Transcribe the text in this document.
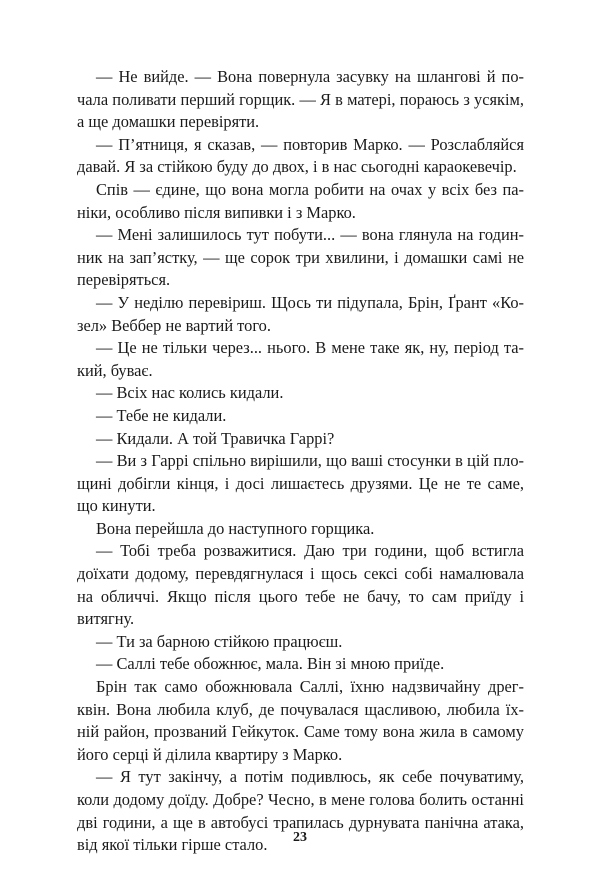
— Не вийде. — Вона повернула засувку на шлангові й почала поливати перший горщик. — Я в матері, пораюсь з усякім, а ще домашки перевіряти.

— П’ятниця, я сказав, — повторив Марко. — Розслабляйся давай. Я за стійкою буду до двох, і в нас сьогодні караокевечір.

Спів — єдине, що вона могла робити на очах у всіх без паніки, особливо після випивки і з Марко.

— Мені залишилось тут побути... — вона глянула на годинник на зап’ястку, — ще сорок три хвилини, і домашки самі не перевіряться.

— У неділю перевіриш. Щось ти підупала, Брін, Ґрант «Козел» Веббер не вартий того.

— Це не тільки через... нього. В мене таке як, ну, період такий, буває.

— Всіх нас колись кидали.

— Тебе не кидали.

— Кидали. А той Травичка Гаррі?

— Ви з Гаррі спільно вирішили, що ваші стосунки в цій площині добігли кінця, і досі лишаєтесь друзями. Це не те саме, що кинути.

Вона перейшла до наступного горщика.

— Тобі треба розважитися. Даю три години, щоб встигла доїхати додому, перевдягнулася і щось сексі собі намалювала на обличчі. Якщо після цього тебе не бачу, то сам приїду і витягну.

— Ти за барною стійкою працюєш.

— Саллі тебе обожнює, мала. Він зі мною приїде.

Брін так само обожнювала Саллі, їхню надзвичайну дрегквін. Вона любила клуб, де почувалася щасливою, любила їхній район, прозваний Гейкуток. Саме тому вона жила в самому його серці й ділила квартиру з Марко.

— Я тут закінчу, а потім подивлюсь, як себе почуватиму, коли додому доїду. Добре? Чесно, в мене голова болить останні дві години, а ще в автобусі трапилась дурнувата панічна атака, від якої тільки гірше стало.	23
